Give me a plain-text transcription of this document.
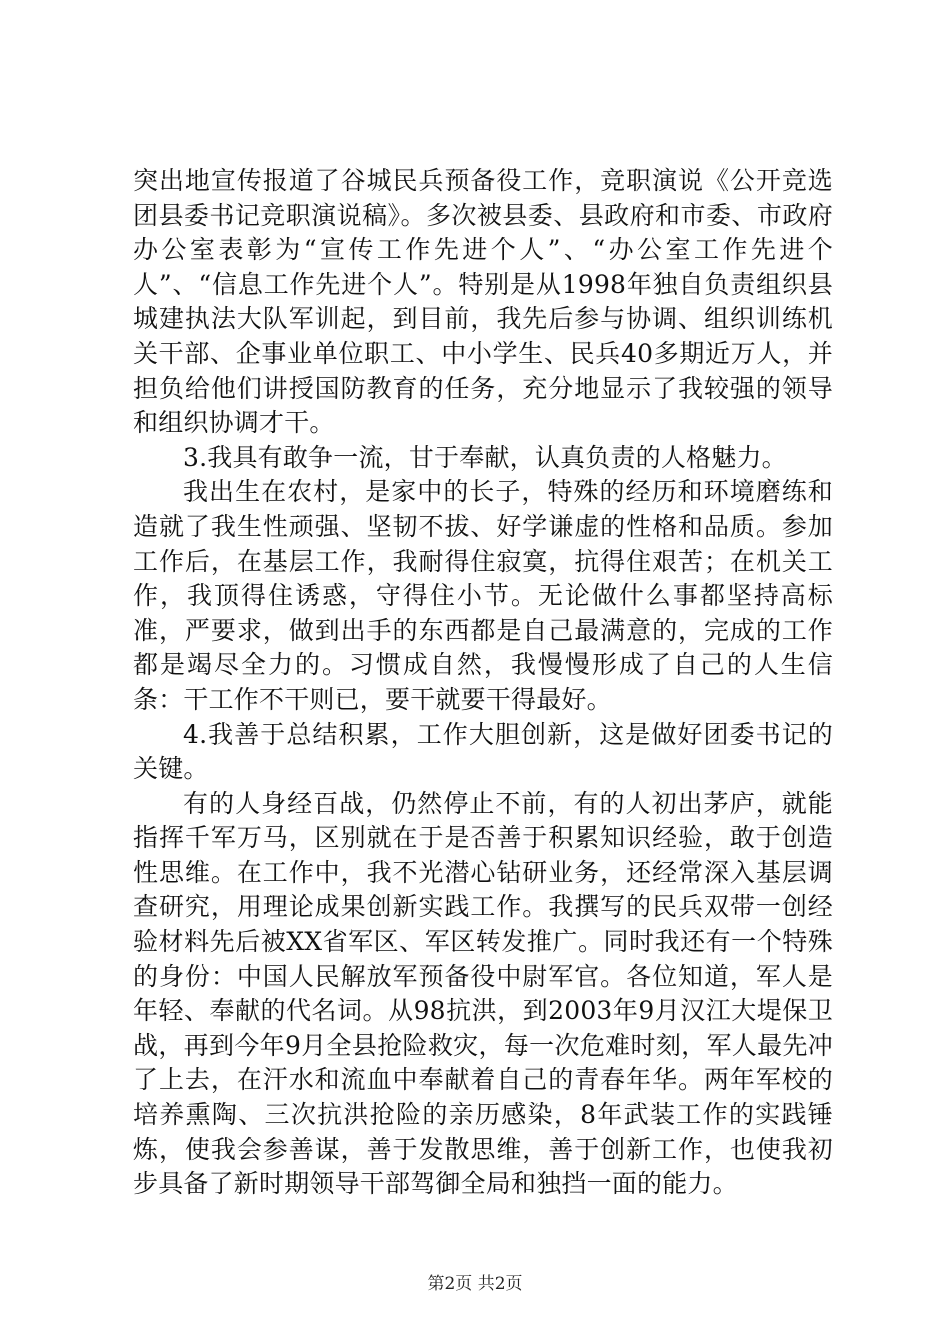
突出地宣传报道了谷城民兵预备役工作，竞职演说《公开竞选团县委书记竞职演说稿》。多次被县委、县政府和市委、市政府办公室表彰为“宣传工作先进个人”、“办公室工作先进个人”、“信息工作先进个人”。特别是从1998年独自负责组织县城建执法大队军训起，到目前，我先后参与协调、组织训练机关干部、企事业单位职工、中小学生、民兵40多期近万人，并担负给他们讲授国防教育的任务，充分地显示了我较强的领导和组织协调才干。

3.我具有敢争一流，甘于奉献，认真负责的人格魅力。

我出生在农村，是家中的长子，特殊的经历和环境磨练和造就了我生性顽强、坚韧不拔、好学谦虚的性格和品质。参加工作后，在基层工作，我耐得住寂寞，抗得住艰苦；在机关工作，我顶得住诱惑，守得住小节。无论做什么事都坚持高标准，严要求，做到出手的东西都是自己最满意的，完成的工作都是竭尽全力的。习惯成自然，我慢慢形成了自己的人生信条：干工作不干则已，要干就要干得最好。

4.我善于总结积累，工作大胆创新，这是做好团委书记的关键。

有的人身经百战，仍然停止不前，有的人初出茅庐，就能指挥千军万马，区别就在于是否善于积累知识经验，敢于创造性思维。在工作中，我不光潜心钻研业务，还经常深入基层调查研究，用理论成果创新实践工作。我撰写的民兵双带一创经验材料先后被XX省军区、军区转发推广。同时我还有一个特殊的身份：中国人民解放军预备役中尉军官。各位知道，军人是年轻、奉献的代名词。从98抗洪，到2003年9月汉江大堤保卫战，再到今年9月全县抢险救灾，每一次危难时刻，军人最先冲了上去，在汗水和流血中奉献着自己的青春年华。两年军校的培养熏陶、三次抗洪抢险的亲历感染，8年武装工作的实践锤炼，使我会参善谋，善于发散思维，善于创新工作，也使我初步具备了新时期领导干部驾御全局和独挡一面的能力。

第2页 共2页
